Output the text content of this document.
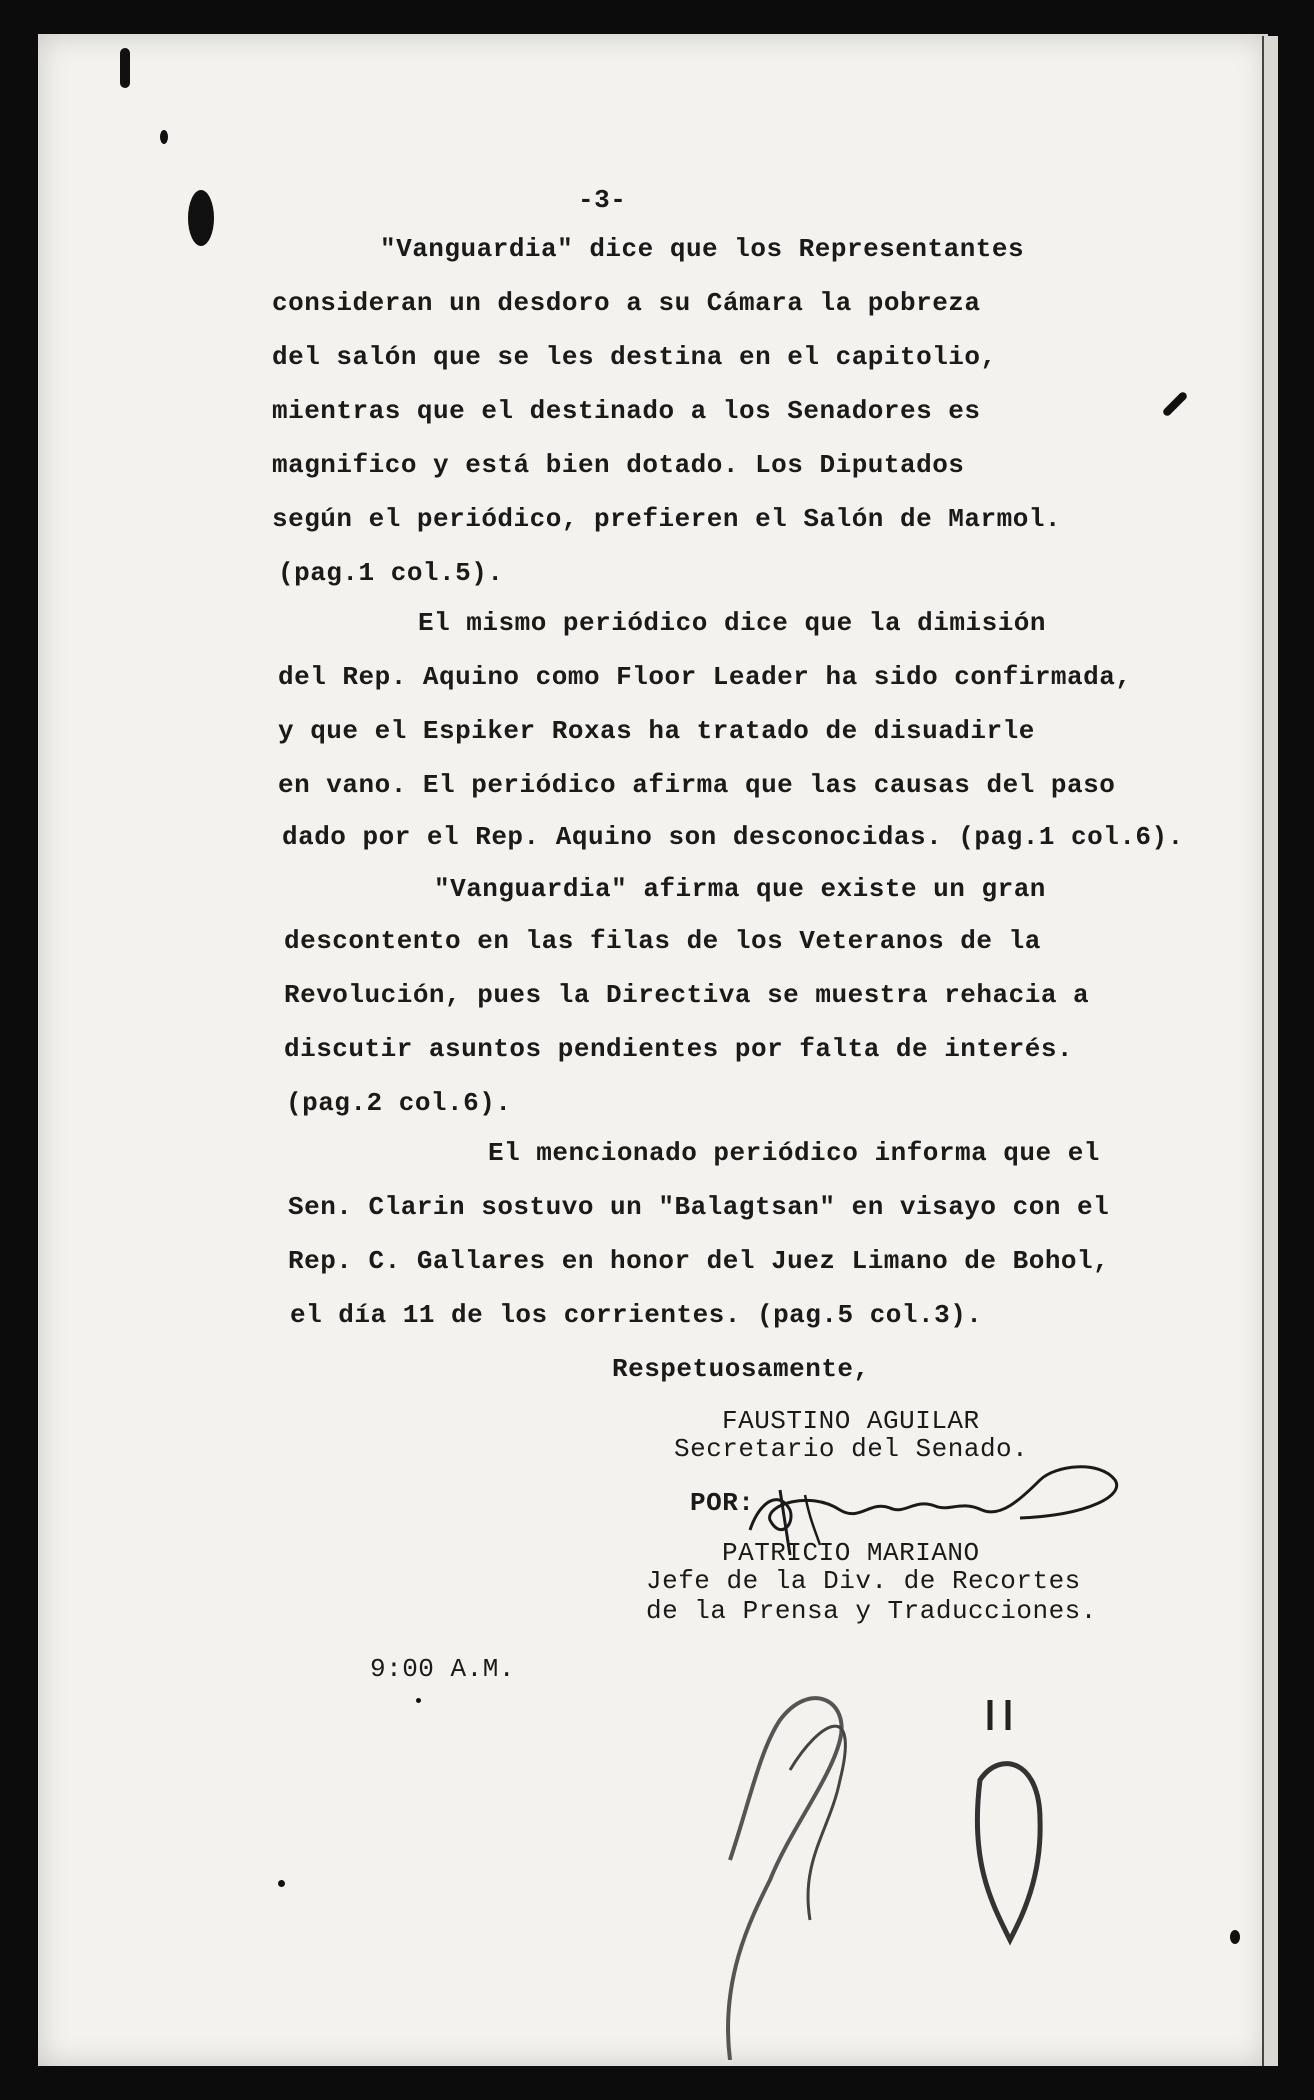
-3-
"Vanguardia" dice que los Representantes
consideran un desdoro a su Cámara la pobreza
del salón que se les destina en el capitolio,
mientras que el destinado a los Senadores es
magnifico y está bien dotado. Los Diputados
según el periódico, prefieren el Salón de Marmol.
(pag.1 col.5).
El mismo periódico dice que la dimisión
del Rep. Aquino como Floor Leader ha sido confirmada,
y que el Espiker Roxas ha tratado de disuadirle
en vano. El periódico afirma que las causas del paso
dado por el Rep. Aquino son desconocidas. (pag.1 col.6).
"Vanguardia" afirma que existe un gran
descontento en las filas de los Veteranos de la
Revolución, pues la Directiva se muestra rehacia a
discutir asuntos pendientes por falta de interés.
(pag.2 col.6).
El mencionado periódico informa que el
Sen. Clarin sostuvo un "Balagtsan" en visayo con el
Rep. C. Gallares en honor del Juez Limano de Bohol,
el día 11 de los corrientes. (pag.5 col.3).
Respetuosamente,
FAUSTINO AGUILAR
Secretario del Senado.
POR:
PATRICIO MARIANO
Jefe de la Div. de Recortes
de la Prensa y Traducciones.
9:00 A.M.
